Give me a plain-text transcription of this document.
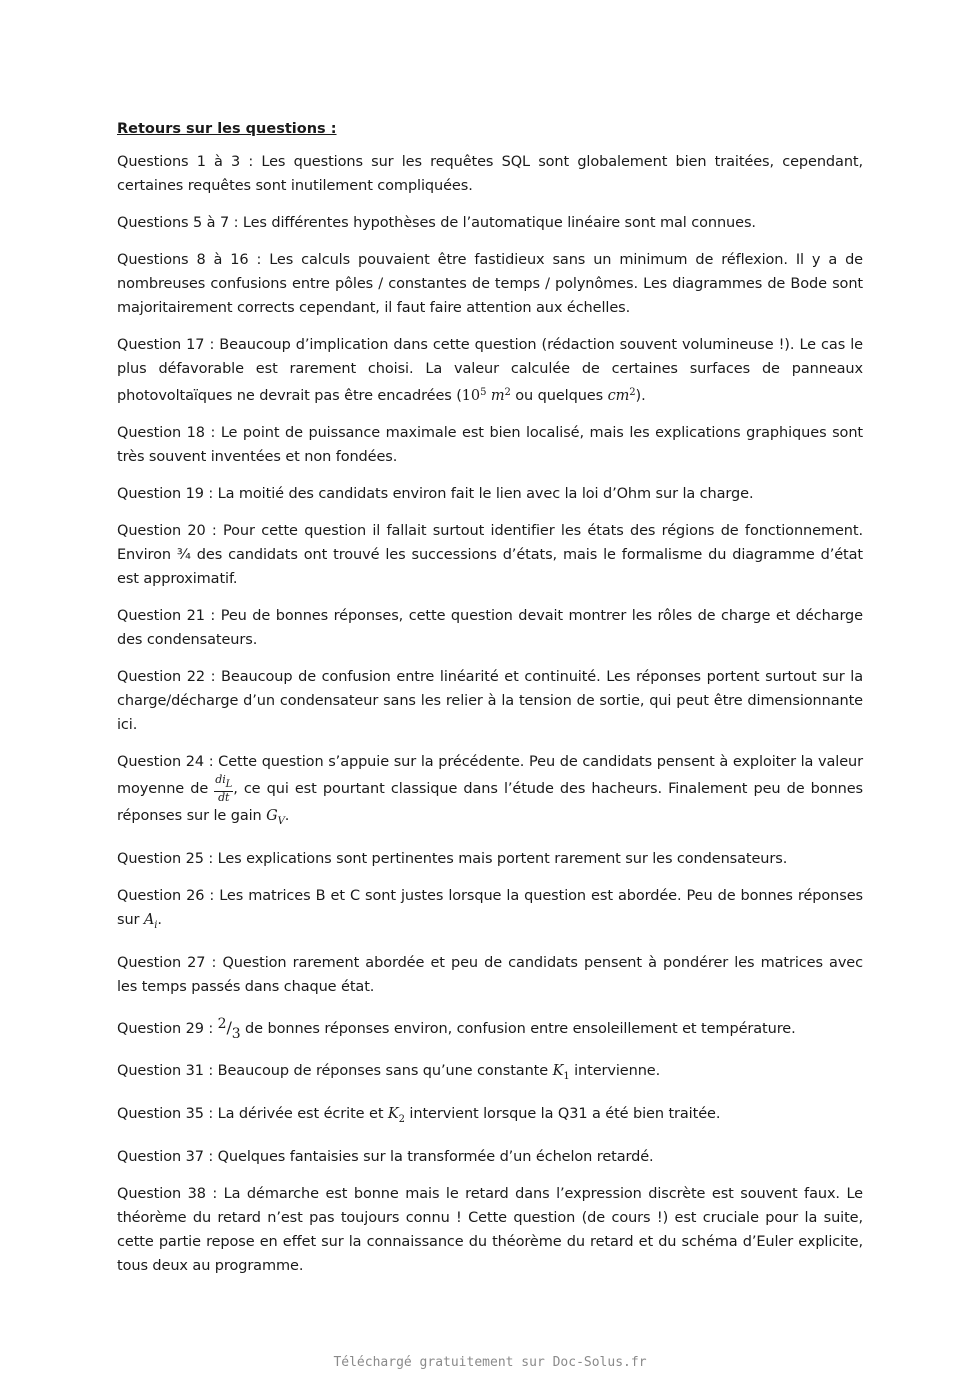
Retours sur les questions :

Questions 1 à 3 : Les questions sur les requêtes SQL sont globalement bien traitées, cependant, certaines requêtes sont inutilement compliquées.

Questions 5 à 7 : Les différentes hypothèses de l’automatique linéaire sont mal connues.

Questions 8 à 16 : Les calculs pouvaient être fastidieux sans un minimum de réflexion. Il y a de nombreuses confusions entre pôles / constantes de temps / polynômes. Les diagrammes de Bode sont majoritairement corrects cependant, il faut faire attention aux échelles.

Question 17 : Beaucoup d’implication dans cette question (rédaction souvent volumineuse !). Le cas le plus défavorable est rarement choisi. La valeur calculée de certaines surfaces de panneaux photovoltaïques ne devrait pas être encadrées ($10^5$ $m^2$ ou quelques $cm^2$).

Question 18 : Le point de puissance maximale est bien localisé, mais les explications graphiques sont très souvent inventées et non fondées.

Question 19 : La moitié des candidats environ fait le lien avec la loi d’Ohm sur la charge.

Question 20 : Pour cette question il fallait surtout identifier les états des régions de fonctionnement. Environ ¾ des candidats ont trouvé les successions d’états, mais le formalisme du diagramme d’état est approximatif.

Question 21 : Peu de bonnes réponses, cette question devait montrer les rôles de charge et décharge des condensateurs.

Question 22 : Beaucoup de confusion entre linéarité et continuité. Les réponses portent surtout sur la charge/décharge d’un condensateur sans les relier à la tension de sortie, qui peut être dimensionnante ici.

Question 24 : Cette question s’appuie sur la précédente. Peu de candidats pensent à exploiter la valeur moyenne de $\frac{\text{diL}}{dt}$ , ce qui est pourtant classique dans l’étude des hacheurs. Finalement peu de bonnes réponses sur le gain $G_V$.

Question 25 : Les explications sont pertinentes mais portent rarement sur les condensateurs.

Question 26 : Les matrices B et C sont justes lorsque la question est abordée. Peu de bonnes réponses sur $A_i$.

Question 27 : Question rarement abordée et peu de candidats pensent à pondérer les matrices avec les temps passés dans chaque état.

Question 29 : 2/3 de bonnes réponses environ, confusion entre ensoleillement et température.

Question 31 : Beaucoup de réponses sans qu’une constante $K_1$ intervienne.

Question 35 : La dérivée est écrite et $K_2$ intervient lorsque la Q31 a été bien traitée.

Question 37 : Quelques fantaisies sur la transformée d’un échelon retardé.

Question 38 : La démarche est bonne mais le retard dans l’expression discrète est souvent faux. Le théorème du retard n’est pas toujours connu ! Cette question (de cours !) est cruciale pour la suite, cette partie repose en effet sur la connaissance du théorème du retard et du schéma d’Euler explicite, tous deux au programme.

Téléchargé gratuitement sur Doc-Solus.fr
